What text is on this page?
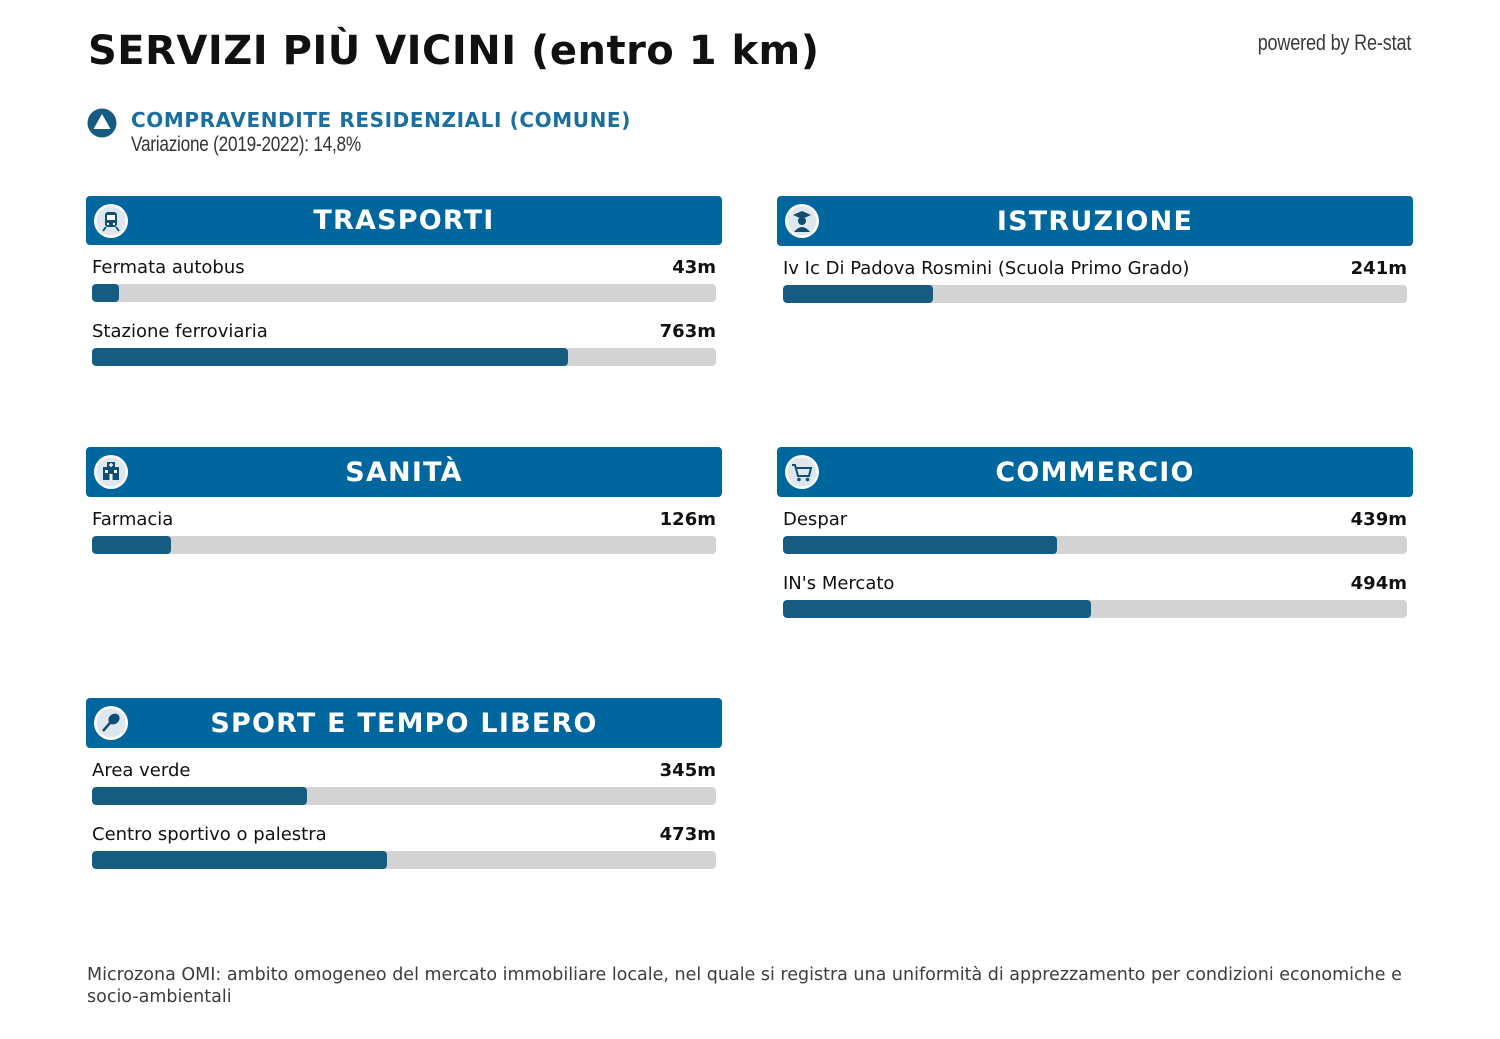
SERVIZI PIÙ VICINI (entro 1 km)	powered by Re-stat
COMPRAVENDITE RESIDENZIALI (COMUNE)
Variazione (2019-2022): 14,8%
TRASPORTI
Fermata autobus	43m
Stazione ferroviaria	763m
ISTRUZIONE
Iv Ic Di Padova Rosmini (Scuola Primo Grado)	241m
SANITÀ
Farmacia	126m
COMMERCIO
Despar	439m
IN's Mercato	494m
SPORT E TEMPO LIBERO
Area verde	345m
Centro sportivo o palestra	473m
Microzona OMI: ambito omogeneo del mercato immobiliare locale, nel quale si registra una uniformità di apprezzamento per condizioni economiche e socio-ambientali
